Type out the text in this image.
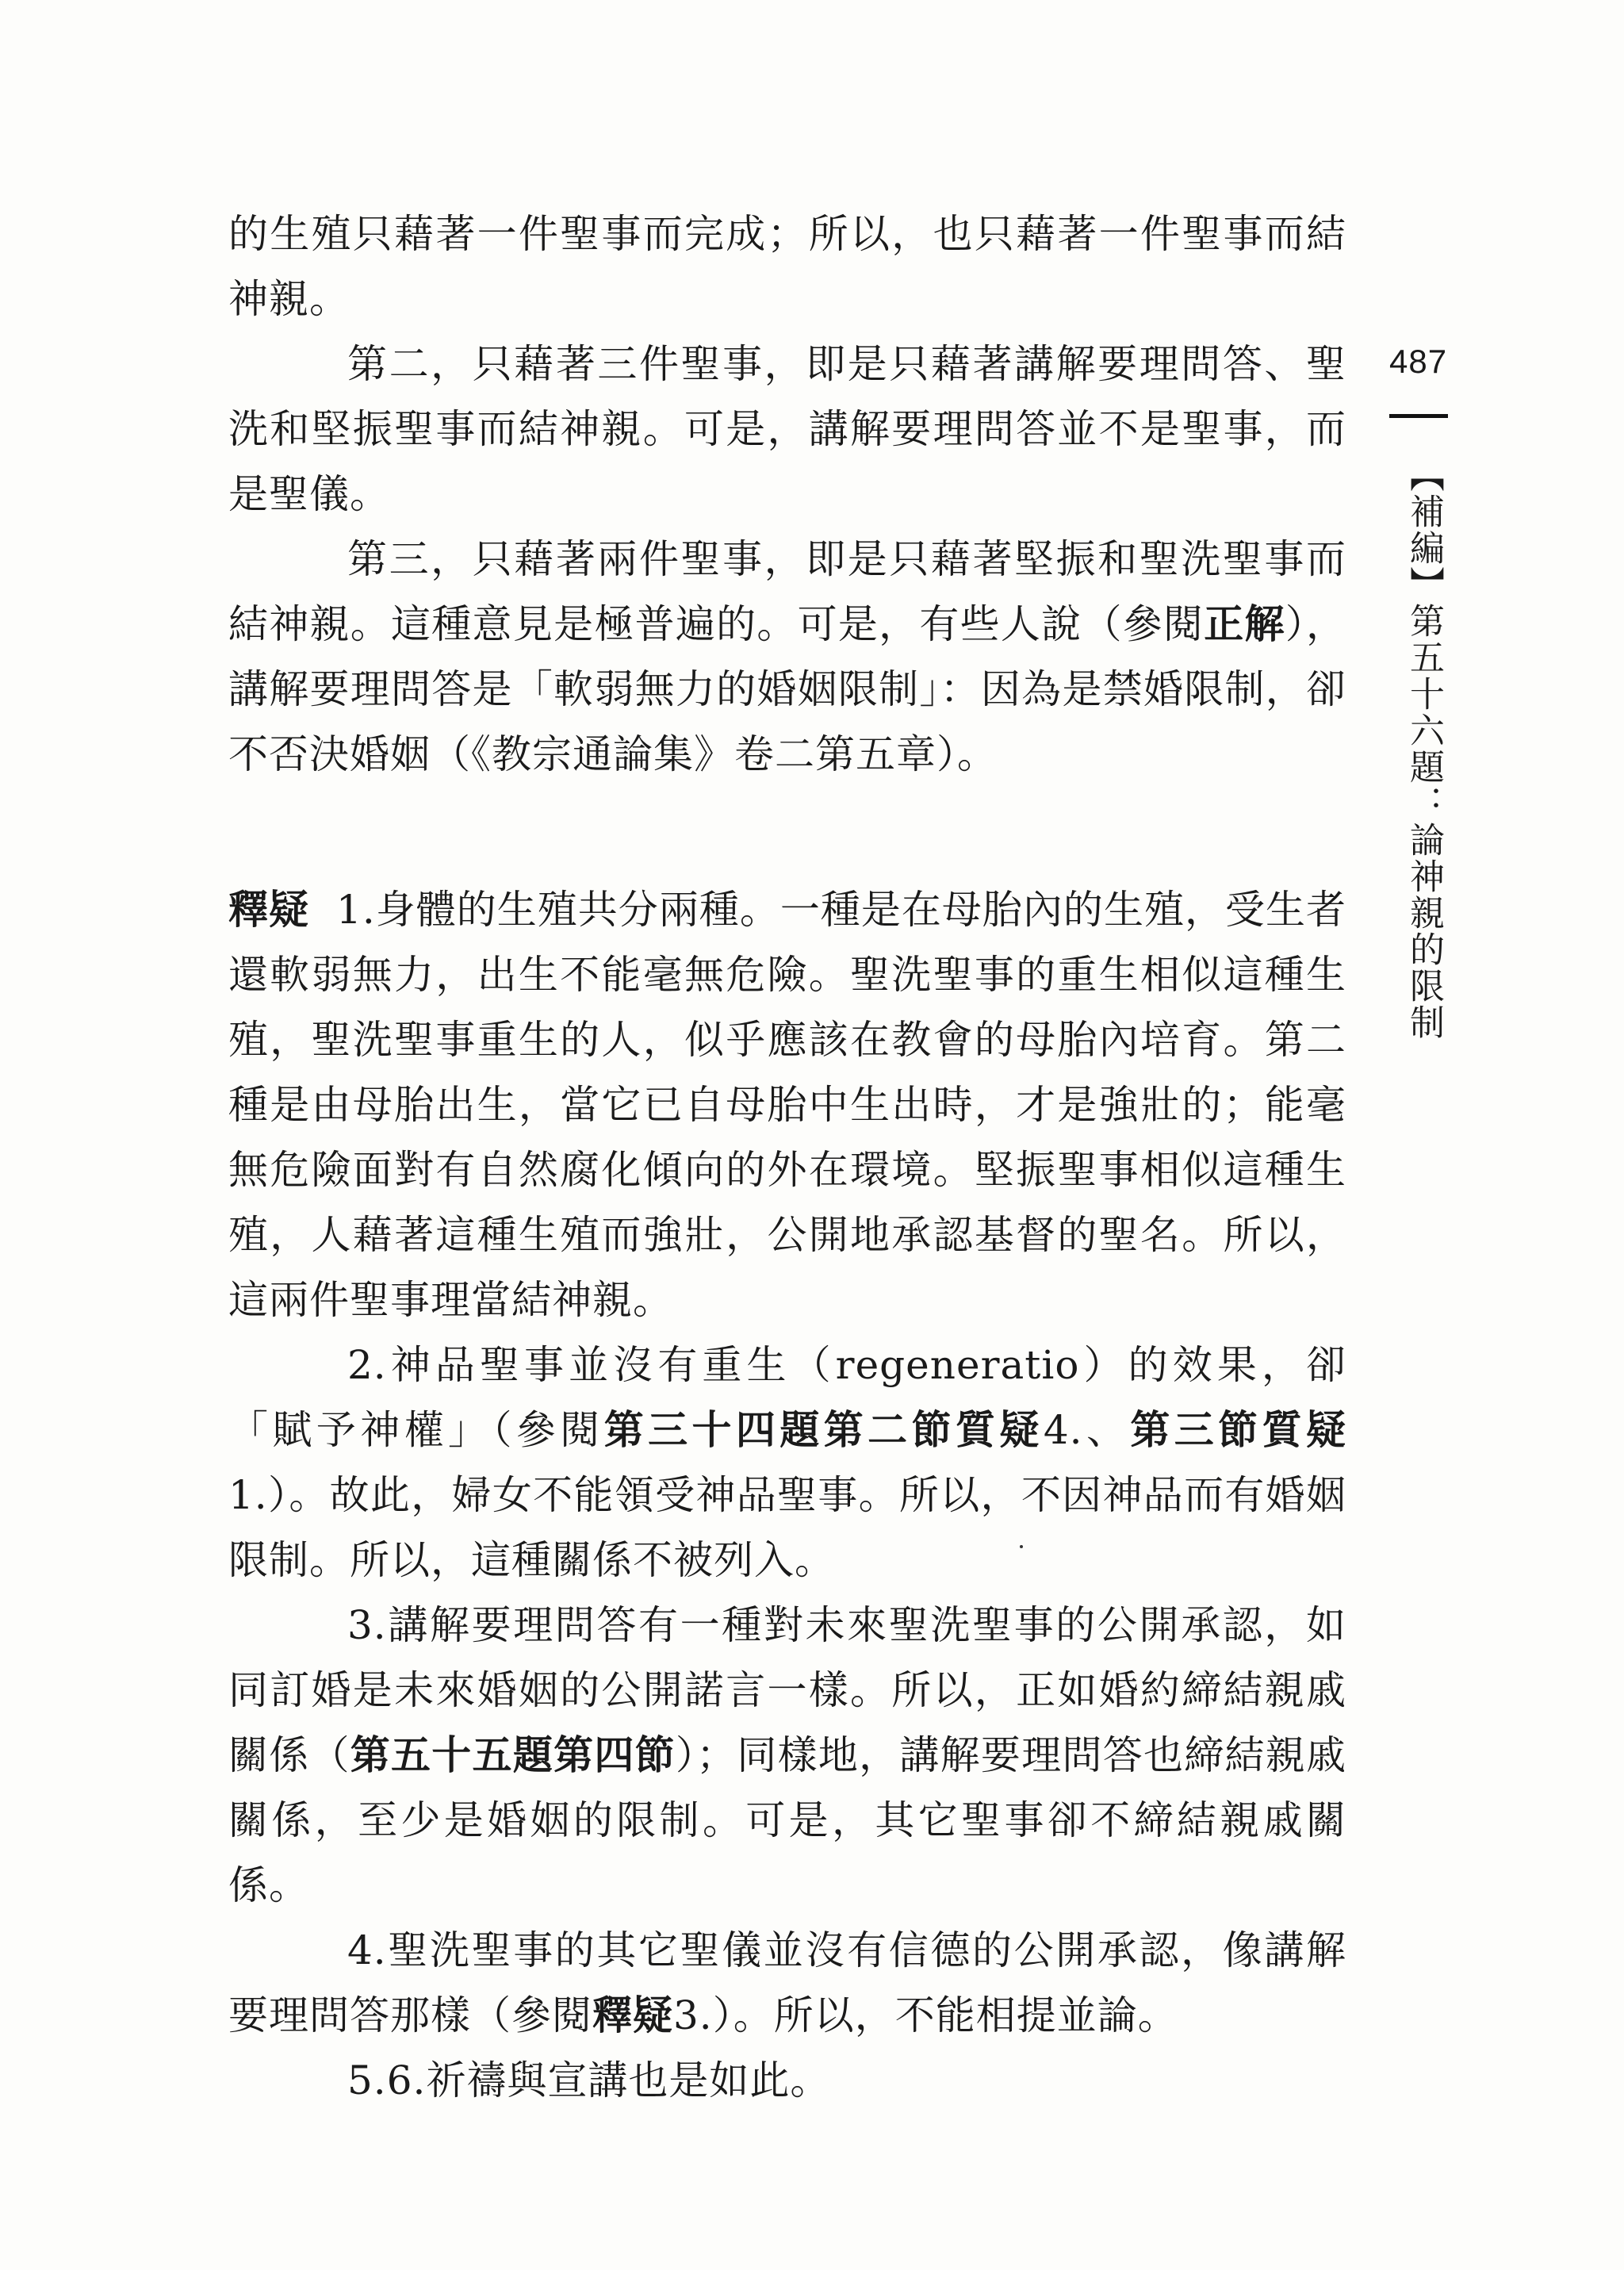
487
【補編】第五十六題：論神親的限制

的生殖只藉著一件聖事而完成；所以，也只藉著一件聖事而結神親。

第二，只藉著三件聖事，即是只藉著講解要理問答、聖洗和堅振聖事而結神親。可是，講解要理問答並不是聖事，而是聖儀。

第三，只藉著兩件聖事，即是只藉著堅振和聖洗聖事而結神親。這種意見是極普遍的。可是，有些人說（參閱正解），講解要理問答是「軟弱無力的婚姻限制」：因為是禁婚限制，卻不否決婚姻（《教宗通論集》卷二第五章）。

釋疑 1.身體的生殖共分兩種。一種是在母胎內的生殖，受生者還軟弱無力，出生不能毫無危險。聖洗聖事的重生相似這種生殖，聖洗聖事重生的人，似乎應該在教會的母胎內培育。第二種是由母胎出生，當它已自母胎中生出時，才是強壯的；能毫無危險面對有自然腐化傾向的外在環境。堅振聖事相似這種生殖，人藉著這種生殖而強壯，公開地承認基督的聖名。所以，這兩件聖事理當結神親。

2.神品聖事並沒有重生（regeneratio）的效果，卻「賦予神權」（參閱第三十四題第二節質疑4.、第三節質疑1.）。故此，婦女不能領受神品聖事。所以，不因神品而有婚姻限制。所以，這種關係不被列入。

3.講解要理問答有一種對未來聖洗聖事的公開承認，如同訂婚是未來婚姻的公開諾言一樣。所以，正如婚約締結親戚關係（第五十五題第四節）；同樣地，講解要理問答也締結親戚關係，至少是婚姻的限制。可是，其它聖事卻不締結親戚關係。

4.聖洗聖事的其它聖儀並沒有信德的公開承認，像講解要理問答那樣（參閱釋疑3.）。所以，不能相提並論。

5.6.祈禱與宣講也是如此。
